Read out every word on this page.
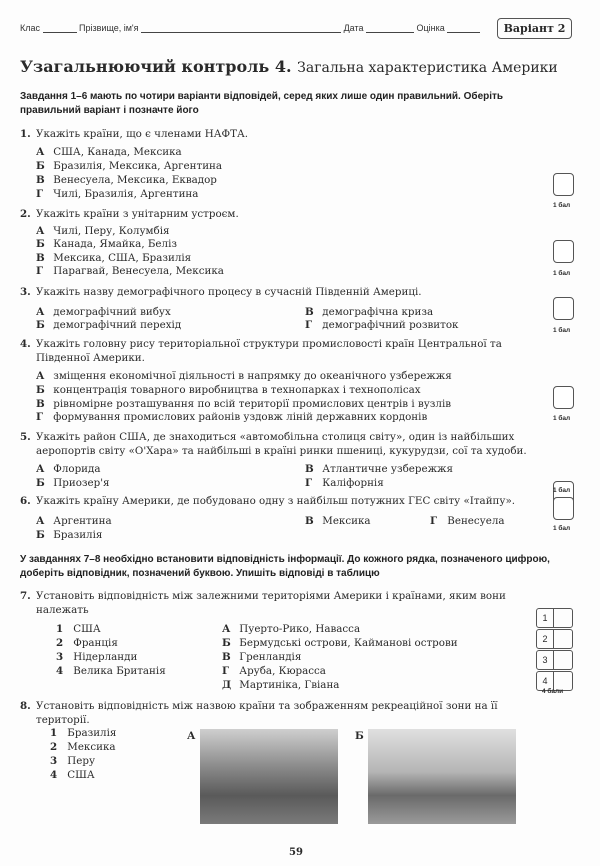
Клас	Прізвище, ім'я	Дата	Оцінка	Варіант 2
Узагальнюючий контроль 4. Загальна характеристика Америки
Завдання 1–6 мають по чотири варіанти відповідей, серед яких лише один правильний. Оберіть
правильний варіант і позначте його
1. Укажіть країни, що є членами НАФТА.
А США, Канада, Мексика
Б Бразилія, Мексика, Аргентина
В Венесуела, Мексика, Еквадор
Г Чилі, Бразилія, Аргентина
1 бал
2. Укажіть країни з унітарним устроєм.
А Чилі, Перу, Колумбія
Б Канада, Ямайка, Беліз
В Мексика, США, Бразилія
Г Парагвай, Венесуела, Мексика	1 бал
3. Укажіть назву демографічного процесу в сучасній Південній Америці.
А демографічний вибух
Б демографічний перехід
В демографічна криза
Г демографічний розвиток	1 бал
4. Укажіть головну рису територіальної структури промисловості країн Центральної та
Південної Америки.
А зміщення економічної діяльності в напрямку до океанічного узбережжя
Б концентрація товарного виробництва в технопарках і технополісах
В рівномірне розташування по всій території промислових центрів і вузлів
Г формування промислових районів уздовж ліній державних кордонів	1 бал
5. Укажіть район США, де знаходиться «автомобільна столиця світу», один із найбільших
аеропортів світу «О'Хара» та найбільші в країні ринки пшениці, кукурудзи, сої та худоби.
А Флорида
Б Приозер'я
В Атлантичне узбережжя
Г Каліфорнія
1 бал
6. Укажіть країну Америки, де побудовано одну з найбільш потужних ГЕС світу «Ітайпу».
А Аргентина
Б Бразилія
В Мексика	Г Венесуела
1 бал
У завданнях 7–8 необхідно встановити відповідність інформації. До кожного рядка, позначеного цифрою,
доберіть відповідник, позначений буквою. Упишіть відповіді в таблицю
7. Установіть відповідність між залежними територіями Америки і країнами, яким вони
належать
1 США
2 Франція
3 Нідерланди
4 Велика Британія
А Пуерто-Рико, Навасса
Б Бермудські острови, Кайманові острови
В Гренландія
Г Аруба, Кюрасса
Д Мартиніка, Гвіана
1
2
3
4
4 бали
8. Установіть відповідність між назвою країни та зображенням рекреаційної зони на її
території.
1 Бразилія
2 Мексика
3 Перу
4 США
А	Б
59
